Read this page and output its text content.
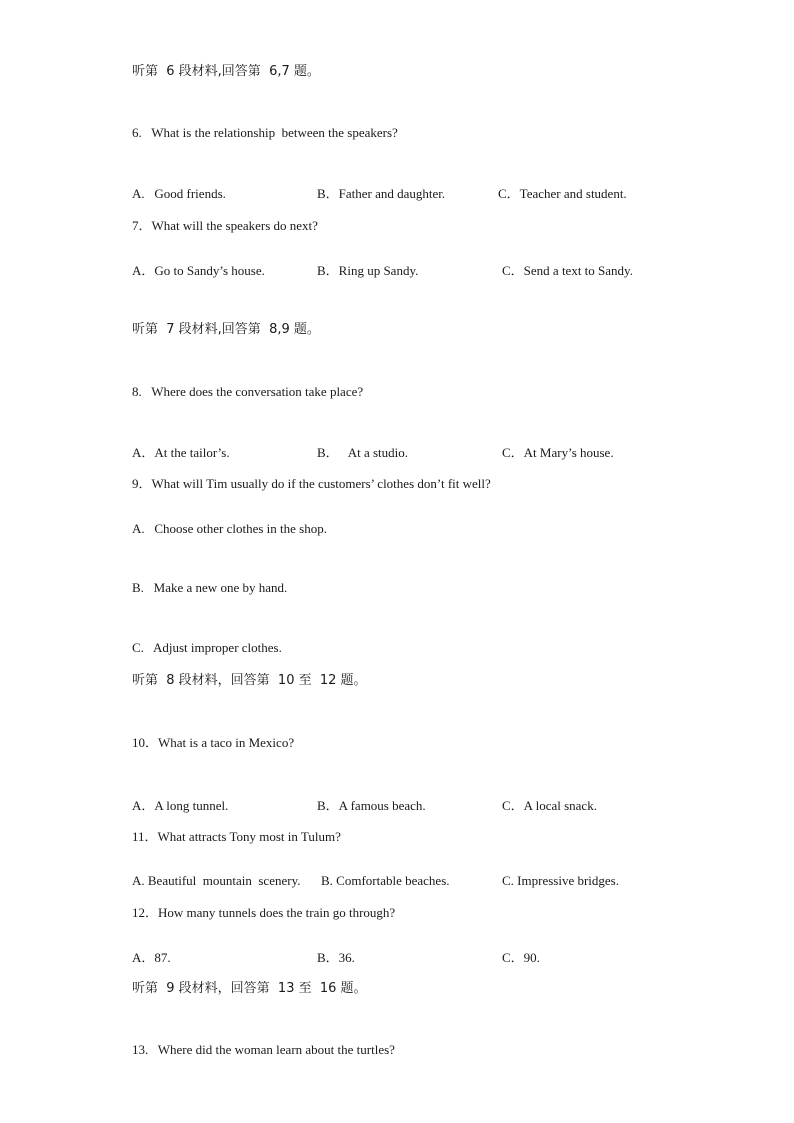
听第  6 段材料,回答第  6,7 题。
6.   What is the relationship  between the speakers?
A.   Good friends.	B．Father and daughter.	C．Teacher and student.
7．What will the speakers do next?
A．Go to Sandy’s house.	B．Ring up Sandy.	C．Send a text to Sandy.
听第  7 段材料,回答第  8,9 题。
8.   Where does the conversation take place?
A．At the tailor’s.	B．   At a studio.	C．At Mary’s house.
9．What will Tim usually do if the customers’ clothes don’t fit well?
A.   Choose other clothes in the shop.
B.   Make a new one by hand.
C.   Adjust improper clothes.
听第  8 段材料，回答第  10 至  12 题。
10．What is a taco in Mexico?
A．A long tunnel.	B．A famous beach.	C．A local snack.
11．What attracts Tony most in Tulum?
A. Beautiful  mountain  scenery. B. Comfortable beaches.	C. Impressive bridges.
12．How many tunnels does the train go through?
A．87.	B．36.	C．90.
听第  9 段材料，回答第  13 至  16 题。
13.   Where did the woman learn about the turtles?
